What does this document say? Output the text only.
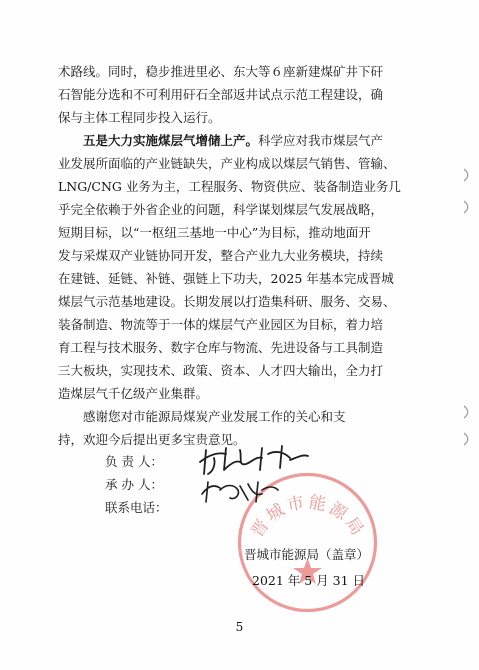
晋城市能源局

术路线。同时，稳步推进里必、东大等６座新建煤矿井下矸
石智能分选和不可利用矸石全部返井试点示范工程建设，确
保与主体工程同步投入运行。

五是大力实施煤层气增储上产。科学应对我市煤层气产
业发展所面临的产业链缺失，产业构成以煤层气销售、管输、
LNG/CNG 业务为主，工程服务、物资供应、装备制造业务几
乎完全依赖于外省企业的问题，科学谋划煤层气发展战略，
短期目标，以“一枢纽三基地一中心”为目标，推动地面开
发与采煤双产业链协同开发，整合产业九大业务模块，持续
在建链、延链、补链、强链上下功夫，2025 年基本完成晋城
煤层气示范基地建设。长期发展以打造集科研、服务、交易、
装备制造、物流等于一体的煤层气产业园区为目标，着力培
育工程与技术服务、数字仓库与物流、先进设备与工具制造
三大板块，实现技术、政策、资本、人才四大输出，全力打
造煤层气千亿级产业集群。

感谢您对市能源局煤炭产业发展工作的关心和支
持，欢迎今后提出更多宝贵意见。

负 责 人：
承 办 人：
联系电话：
晋城市能源局（盖章）
2021 年 5 月 31 日
5
